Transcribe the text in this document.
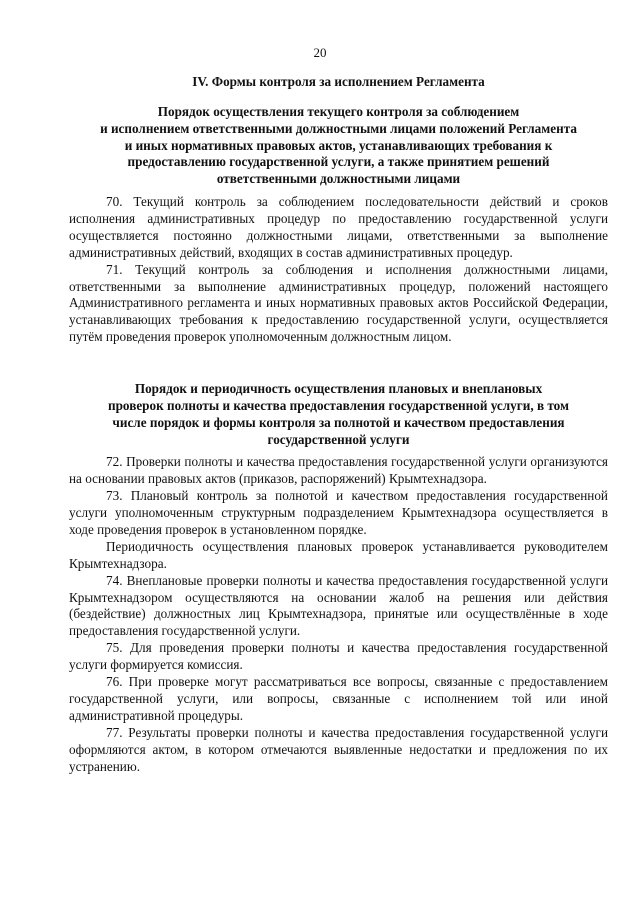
20
IV. Формы контроля за исполнением Регламента
Порядок осуществления текущего контроля за соблюдением
и исполнением ответственными должностными лицами положений Регламента
и иных нормативных правовых актов, устанавливающих требования к
предоставлению государственной услуги, а также принятием решений
ответственными должностными лицами

70. Текущий контроль за соблюдением последовательности действий и сроков исполнения административных процедур по предоставлению государственной услуги осуществляется постоянно должностными лицами, ответственными за выполнение административных действий, входящих в состав административных процедур.

71. Текущий контроль за соблюдения и исполнения должностными лицами, ответственными за выполнение административных процедур, положений настоящего Административного регламента и иных нормативных правовых актов Российской Федерации, устанавливающих требования к предоставлению государственной услуги, осуществляется путём проведения проверок уполномоченным должностным лицом.

Порядок и периодичность осуществления плановых и внеплановых
проверок полноты и качества предоставления государственной услуги, в том
числе порядок и формы контроля за полнотой и качеством предоставления
государственной услуги

72. Проверки полноты и качества предоставления государственной услуги организуются на основании правовых актов (приказов, распоряжений) Крымтехнадзора.

73. Плановый контроль за полнотой и качеством предоставления государственной услуги уполномоченным структурным подразделением Крымтехнадзора осуществляется в ходе проведения проверок в установленном порядке.

Периодичность осуществления плановых проверок устанавливается руководителем Крымтехнадзора.

74. Внеплановые проверки полноты и качества предоставления государственной услуги Крымтехнадзором осуществляются на основании жалоб на решения или действия (бездействие) должностных лиц Крымтехнадзора, принятые или осуществлённые в ходе предоставления государственной услуги.

75. Для проведения проверки полноты и качества предоставления государственной услуги формируется комиссия.

76. При проверке могут рассматриваться все вопросы, связанные с предоставлением государственной услуги, или вопросы, связанные с исполнением той или иной административной процедуры.

77. Результаты проверки полноты и качества предоставления государственной услуги оформляются актом, в котором отмечаются выявленные недостатки и предложения по их устранению.
